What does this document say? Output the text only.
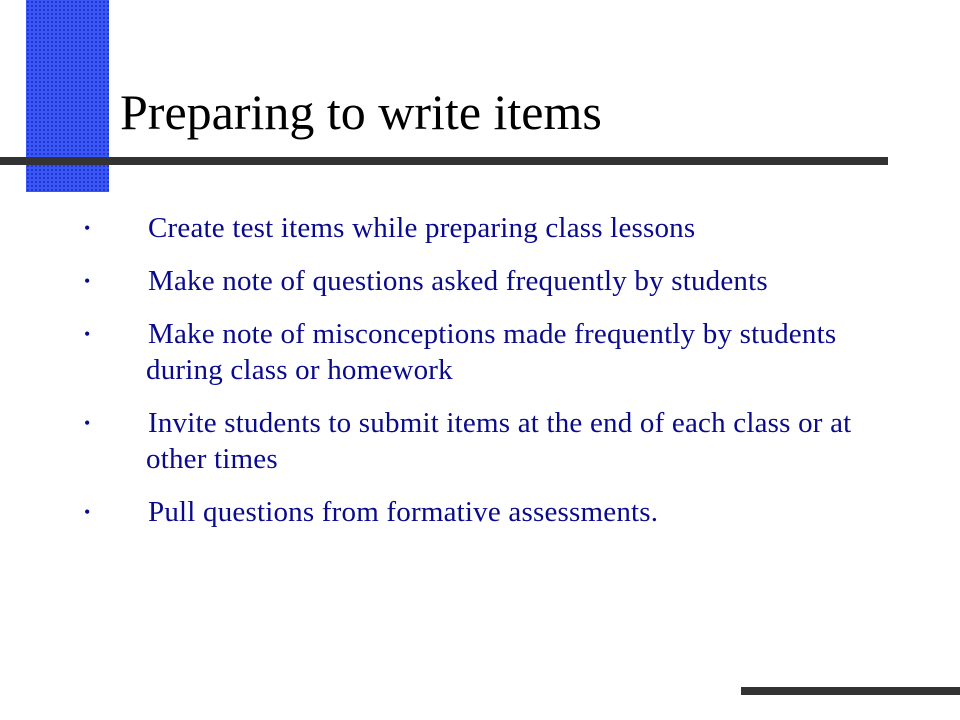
Preparing to write items
• Create test items while preparing class lessons
• Make note of questions asked frequently by students
• Make note of misconceptions made frequently by students during class or homework
• Invite students to submit items at the end of each class or at other times
• Pull questions from formative assessments.
